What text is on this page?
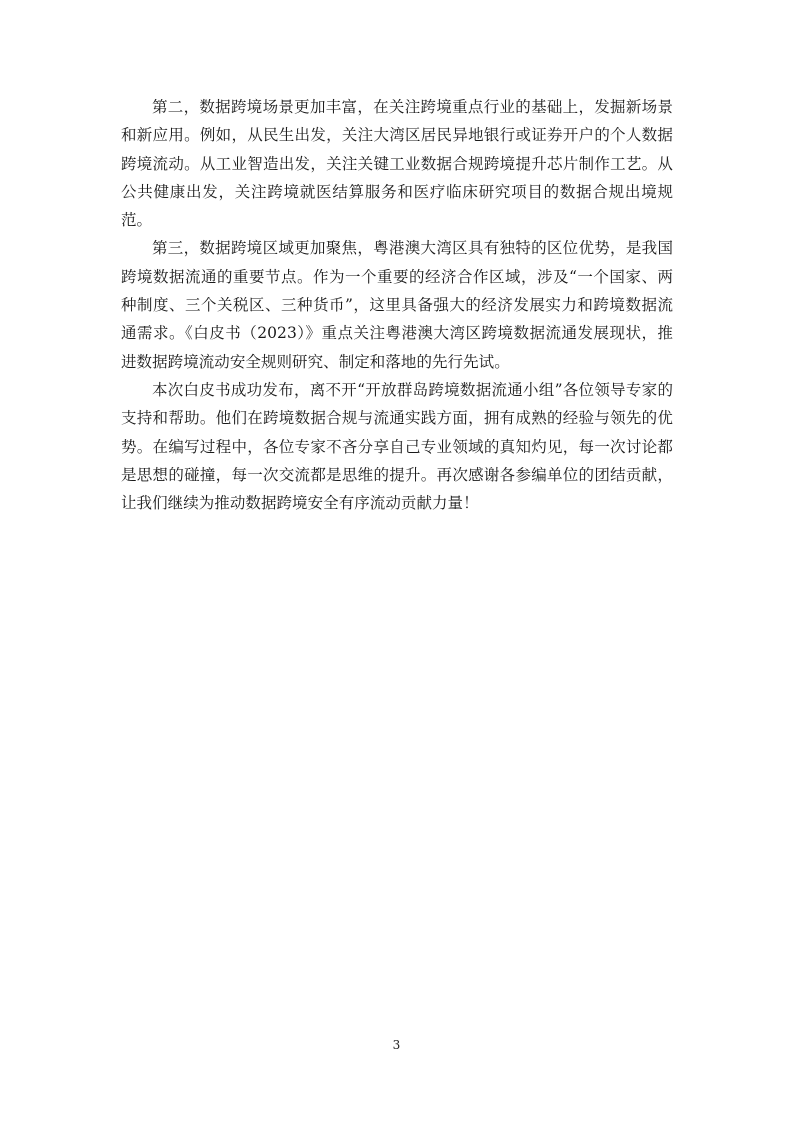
第二，数据跨境场景更加丰富，在关注跨境重点行业的基础上，发掘新场景和新应用。例如，从民生出发，关注大湾区居民异地银行或证券开户的个人数据跨境流动。从工业智造出发，关注关键工业数据合规跨境提升芯片制作工艺。从公共健康出发，关注跨境就医结算服务和医疗临床研究项目的数据合规出境规范。

第三，数据跨境区域更加聚焦，粤港澳大湾区具有独特的区位优势，是我国跨境数据流通的重要节点。作为一个重要的经济合作区域，涉及“一个国家、两种制度、三个关税区、三种货币”，这里具备强大的经济发展实力和跨境数据流通需求。《白皮书（2023）》重点关注粤港澳大湾区跨境数据流通发展现状，推进数据跨境流动安全规则研究、制定和落地的先行先试。

本次白皮书成功发布，离不开“开放群岛跨境数据流通小组”各位领导专家的支持和帮助。他们在跨境数据合规与流通实践方面，拥有成熟的经验与领先的优势。在编写过程中，各位专家不吝分享自己专业领域的真知灼见，每一次讨论都是思想的碰撞，每一次交流都是思维的提升。再次感谢各参编单位的团结贡献，让我们继续为推动数据跨境安全有序流动贡献力量！

3
